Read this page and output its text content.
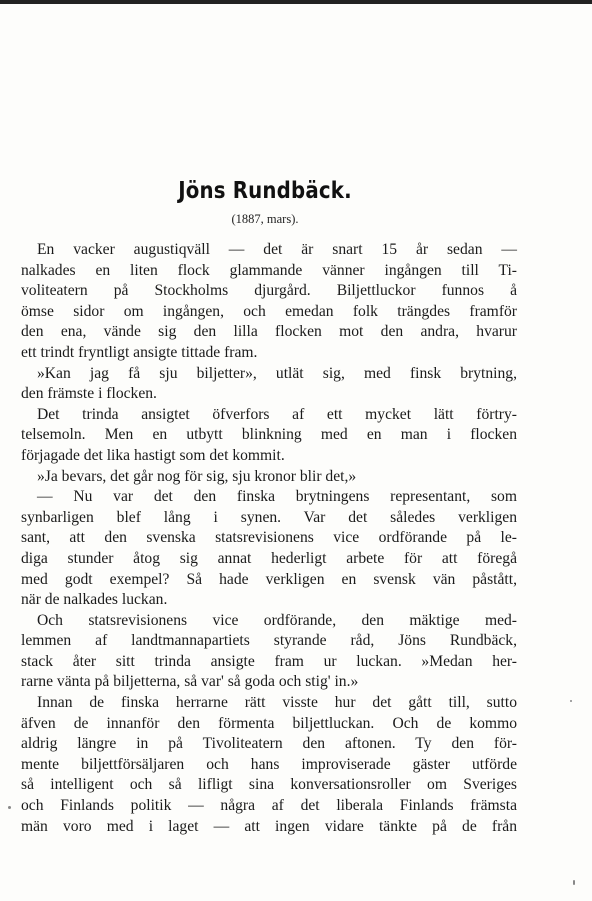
Jöns Rundbäck.
(1887, mars).
En vacker augustiqväll — det är snart 15 år sedan —
nalkades en liten flock glammande vänner ingången till Ti-
voliteatern på Stockholms djurgård. Biljettluckor funnos å
ömse sidor om ingången, och emedan folk trängdes framför
den ena, vände sig den lilla flocken mot den andra, hvarur
ett trindt fryntligt ansigte tittade fram.
»Kan jag få sju biljetter», utlät sig, med finsk brytning,
den främste i flocken.
Det trinda ansigtet öfverfors af ett mycket lätt förtry-
telsemoln. Men en utbytt blinkning med en man i flocken
förjagade det lika hastigt som det kommit.
»Ja bevars, det går nog för sig, sju kronor blir det,»
— Nu var det den finska brytningens representant, som
synbarligen blef lång i synen. Var det således verkligen
sant, att den svenska statsrevisionens vice ordförande på le-
diga stunder åtog sig annat hederligt arbete för att föregå
med godt exempel? Så hade verkligen en svensk vän påstått,
när de nalkades luckan.
Och statsrevisionens vice ordförande, den mäktige med-
lemmen af landtmannapartiets styrande råd, Jöns Rundbäck,
stack åter sitt trinda ansigte fram ur luckan. »Medan her-
rarne vänta på biljetterna, så var' så goda och stig' in.»
Innan de finska herrarne rätt visste hur det gått till, sutto
äfven de innanför den förmenta biljettluckan. Och de kommo
aldrig längre in på Tivoliteatern den aftonen. Ty den för-
mente biljettförsäljaren och hans improviserade gäster utförde
så intelligent och så lifligt sina konversationsroller om Sveriges
och Finlands politik — några af det liberala Finlands främsta
män voro med i laget — att ingen vidare tänkte på de från
